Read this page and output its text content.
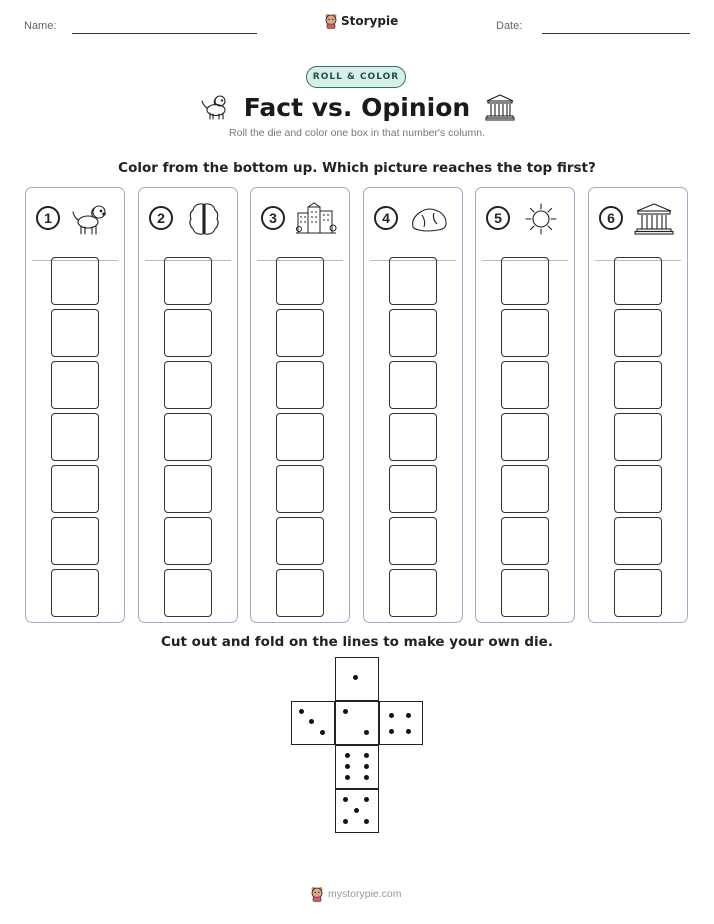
Name:	Storypie	Date:
ROLL & COLOR
Fact vs. Opinion
Roll the die and color one box in that number's column.
Color from the bottom up. Which picture reaches the top first?
1	2	3	4	5	6
Cut out and fold on the lines to make your own die.
mystorypie.com
